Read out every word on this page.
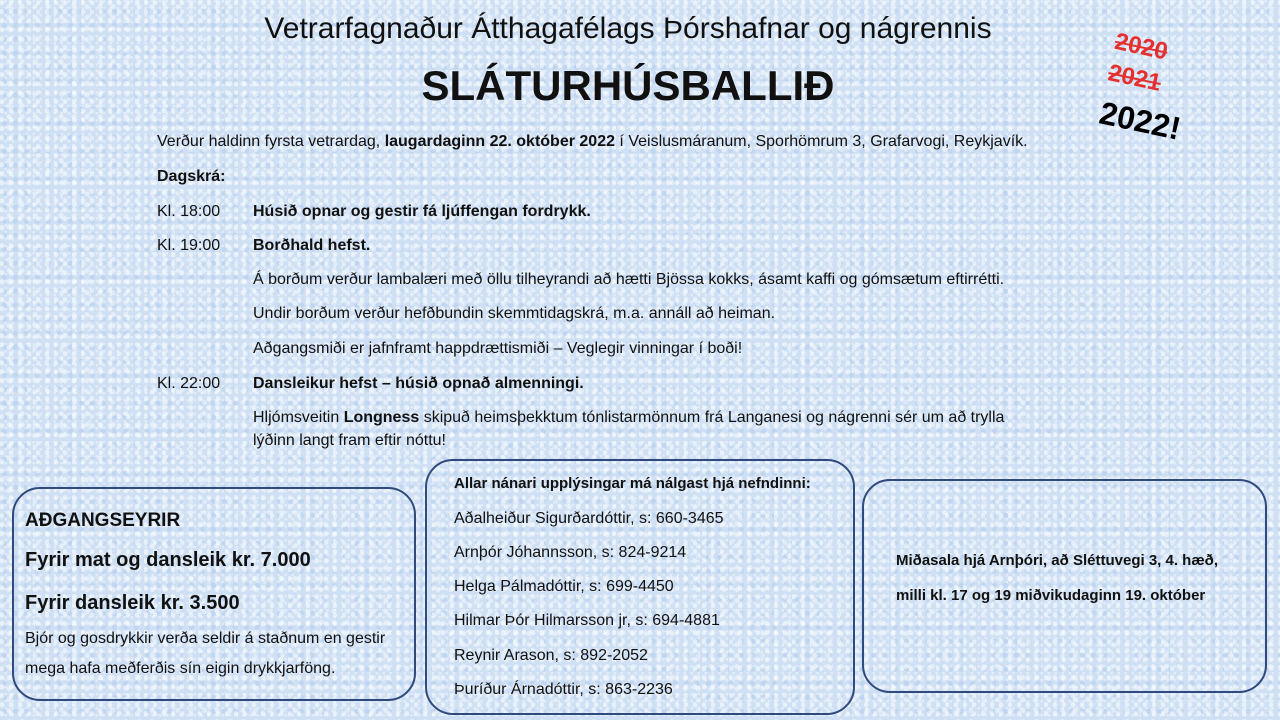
Vetrarfagnaður Átthagafélags Þórshafnar og nágrennis
SLÁTURHÚSBALLIÐ
2020
2021
2022!
Verður haldinn fyrsta vetrardag, laugardaginn 22. október 2022 í Veislusmáranum, Sporhömrum 3, Grafarvogi, Reykjavík.
Dagskrá:
Kl. 18:00 Húsið opnar og gestir fá ljúffengan fordrykk.
Kl. 19:00 Borðhald hefst.
Á borðum verður lambalæri með öllu tilheyrandi að hætti Bjössa kokks, ásamt kaffi og gómsætum eftirrétti.
Undir borðum verður hefðbundin skemmtidagskrá, m.a. annáll að heiman.
Aðgangsmiði er jafnframt happdrættismiði – Veglegir vinningar í boði!
Kl. 22:00 Dansleikur hefst – húsið opnað almenningi.
Hljómsveitin Longness skipuð heimsþekktum tónlistarmönnum frá Langanesi og nágrenni sér um að trylla
lýðinn langt fram eftir nóttu!
AÐGANGSEYRIR
Fyrir mat og dansleik kr. 7.000
Fyrir dansleik kr. 3.500
Bjór og gosdrykkir verða seldir á staðnum en gestir
mega hafa meðferðis sín eigin drykkjarföng.
Allar nánari upplýsingar má nálgast hjá nefndinni:
Aðalheiður Sigurðardóttir, s: 660-3465
Arnþór Jóhannsson, s: 824-9214
Helga Pálmadóttir, s: 699-4450
Hilmar Þór Hilmarsson jr, s: 694-4881
Reynir Arason, s: 892-2052
Þuríður Árnadóttir, s: 863-2236
Miðasala hjá Arnþóri, að Sléttuvegi 3, 4. hæð,
milli kl. 17 og 19 miðvikudaginn 19. október
